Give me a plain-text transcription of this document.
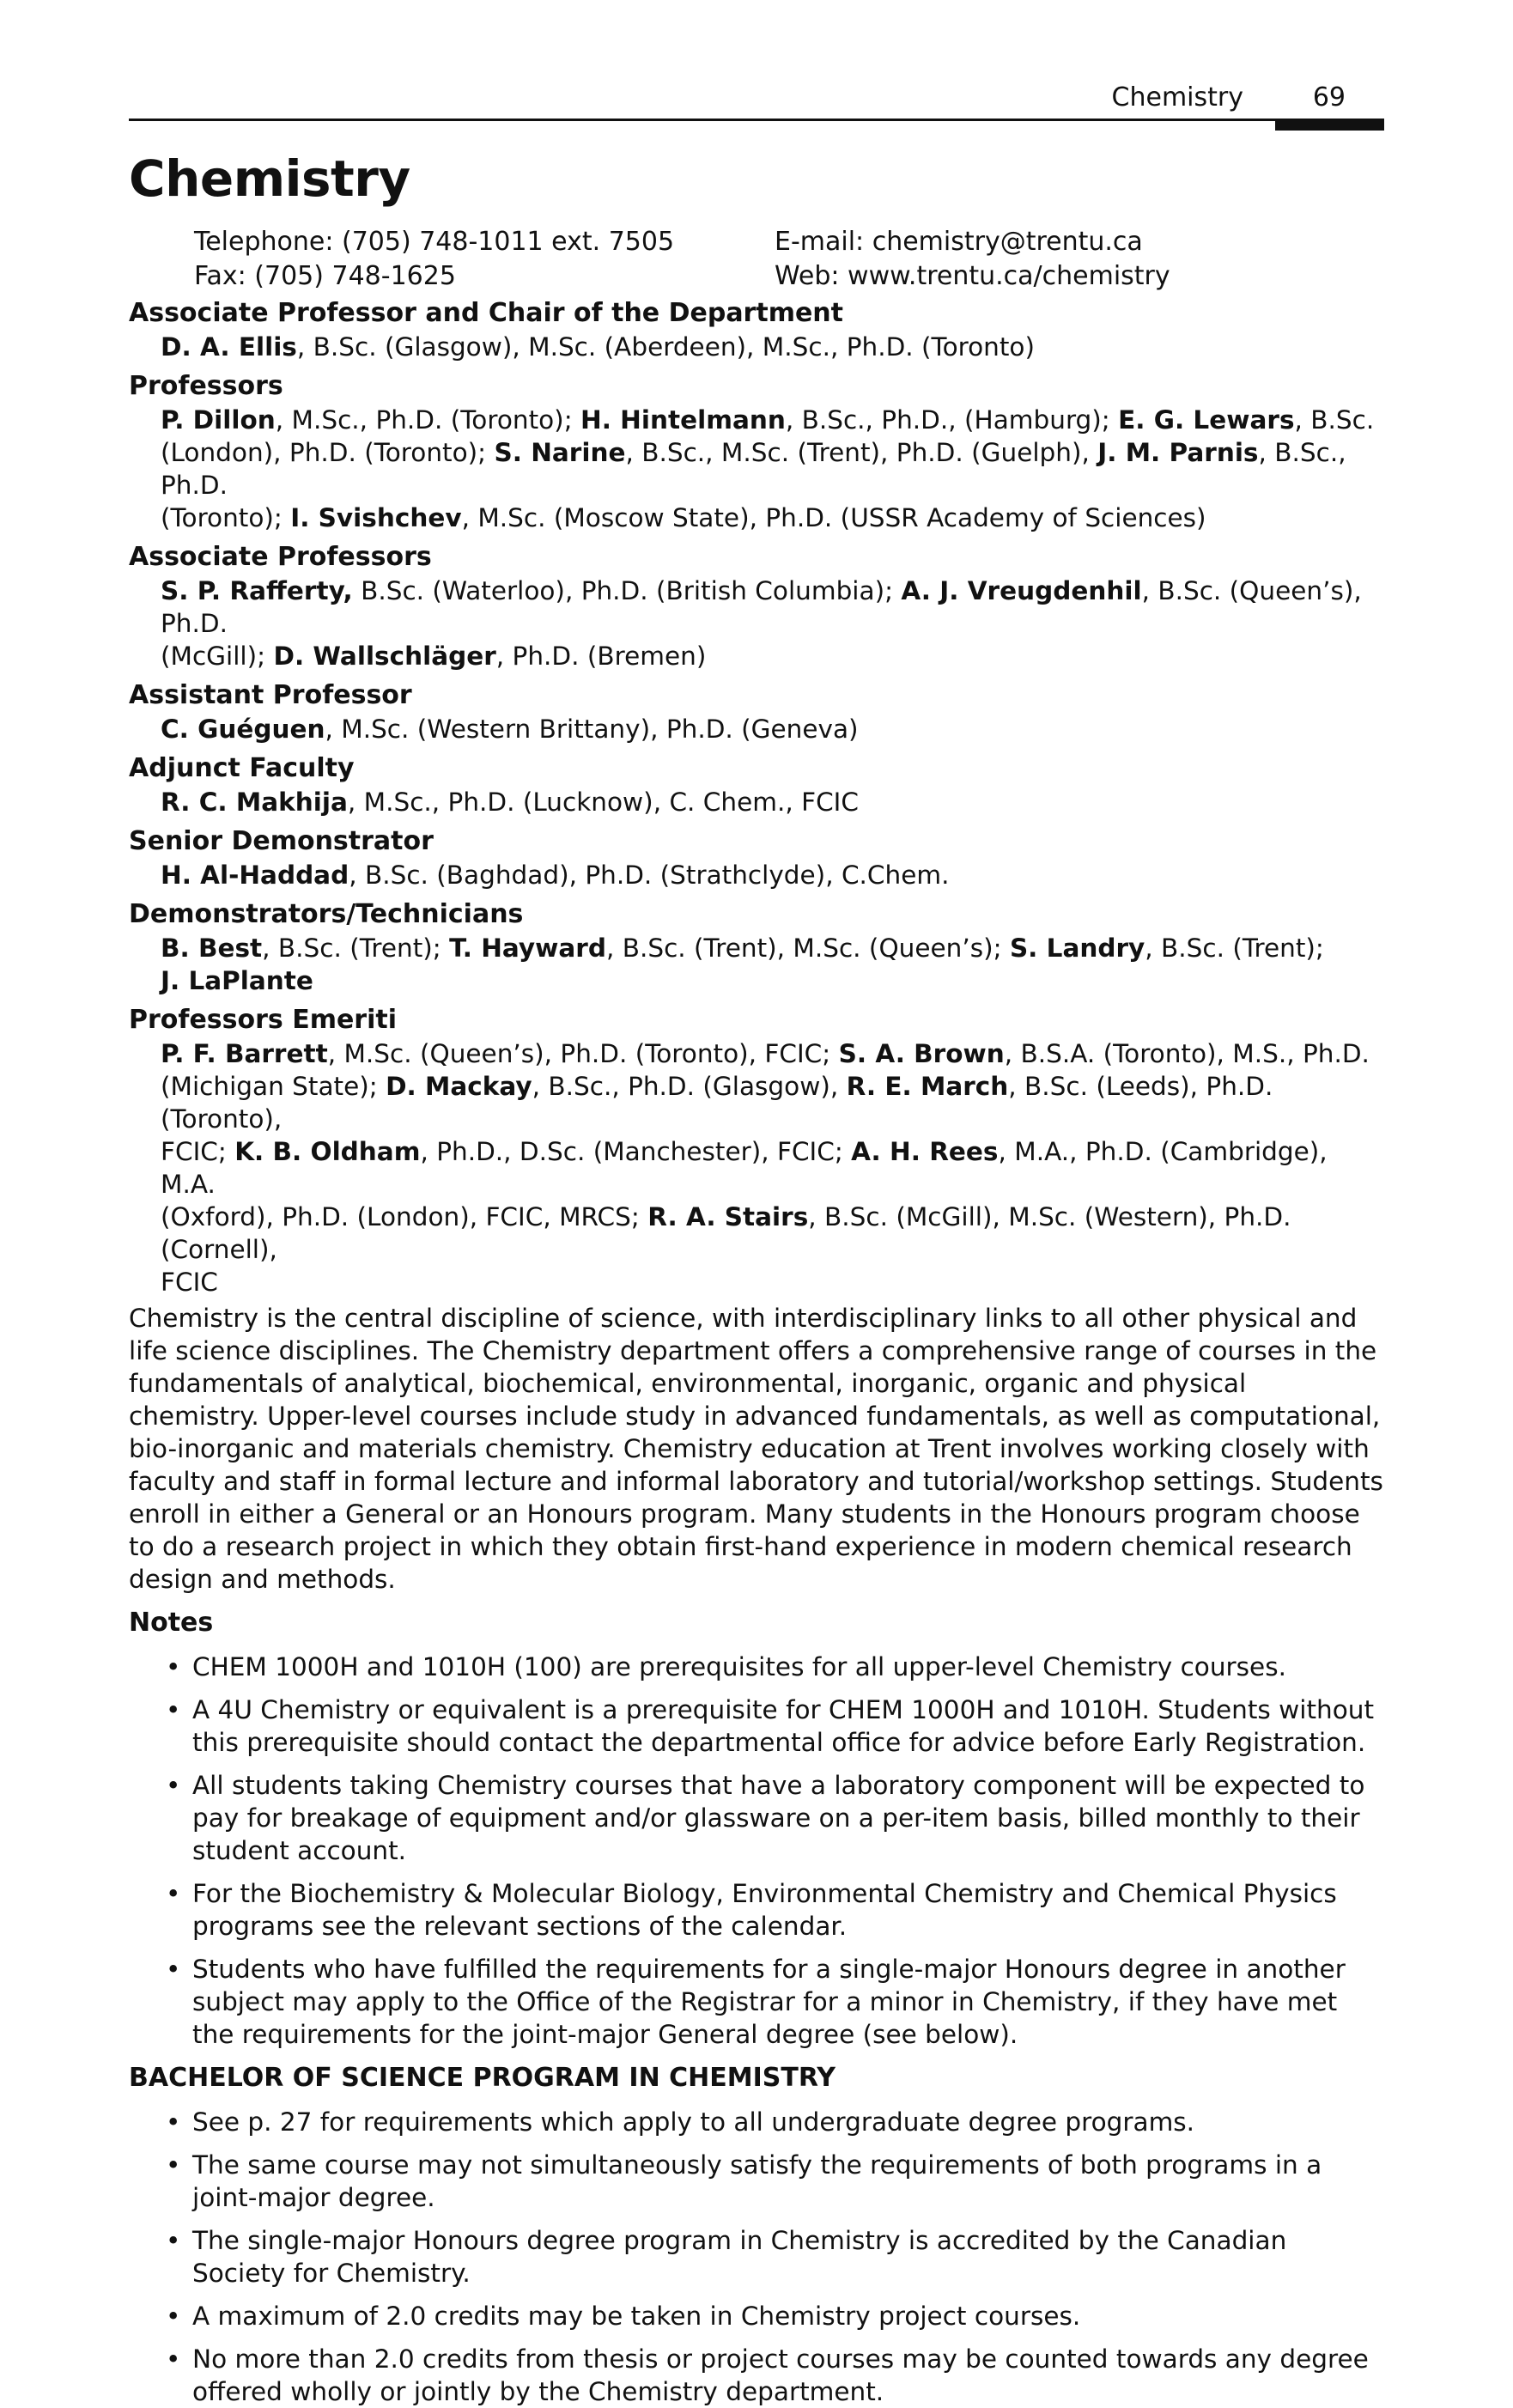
Chemistry	69
Chemistry
Telephone: (705) 748-1011 ext. 7505
Fax: (705) 748-1625
E-mail: chemistry@trentu.ca
Web: www.trentu.ca/chemistry
Associate Professor and Chair of the Department

D. A. Ellis, B.Sc. (Glasgow), M.Sc. (Aberdeen), M.Sc., Ph.D. (Toronto)

Professors

P. Dillon, M.Sc., Ph.D. (Toronto); H. Hintelmann, B.Sc., Ph.D., (Hamburg); E. G. Lewars, B.Sc.

(London), Ph.D. (Toronto); S. Narine, B.Sc., M.Sc. (Trent), Ph.D. (Guelph), J. M. Parnis, B.Sc., Ph.D.

(Toronto); I. Svishchev, M.Sc. (Moscow State), Ph.D. (USSR Academy of Sciences)

Associate Professors

S. P. Rafferty, B.Sc. (Waterloo), Ph.D. (British Columbia); A. J. Vreugdenhil, B.Sc. (Queen’s), Ph.D.

(McGill); D. Wallschläger, Ph.D. (Bremen)

Assistant Professor

C. Guéguen, M.Sc. (Western Brittany), Ph.D. (Geneva)

Adjunct Faculty

R. C. Makhija, M.Sc., Ph.D. (Lucknow), C. Chem., FCIC

Senior Demonstrator

H. Al-Haddad, B.Sc. (Baghdad), Ph.D. (Strathclyde), C.Chem.

Demonstrators/Technicians

B. Best, B.Sc. (Trent); T. Hayward, B.Sc. (Trent), M.Sc. (Queen’s); S. Landry, B.Sc. (Trent);

J. LaPlante

Professors Emeriti

P. F. Barrett, M.Sc. (Queen’s), Ph.D. (Toronto), FCIC; S. A. Brown, B.S.A. (Toronto), M.S., Ph.D.

(Michigan State); D. Mackay, B.Sc., Ph.D. (Glasgow), R. E. March, B.Sc. (Leeds), Ph.D. (Toronto),

FCIC; K. B. Oldham, Ph.D., D.Sc. (Manchester), FCIC; A. H. Rees, M.A., Ph.D. (Cambridge), M.A.

(Oxford), Ph.D. (London), FCIC, MRCS; R. A. Stairs, B.Sc. (McGill), M.Sc. (Western), Ph.D. (Cornell),

FCIC

Chemistry is the central discipline of science, with interdisciplinary links to all other physical and life science disciplines. The Chemistry department offers a comprehensive range of courses in the fundamentals of analytical, biochemical, environmental, inorganic, organic and physical chemistry. Upper-level courses include study in advanced fundamentals, as well as computational, bio-inorganic and materials chemistry. Chemistry education at Trent involves working closely with faculty and staff in formal lecture and informal laboratory and tutorial/workshop settings. Students enroll in either a General or an Honours program. Many students in the Honours program choose to do a research project in which they obtain first-hand experience in modern chemical research design and methods.

Notes
• CHEM 1000H and 1010H (100) are prerequisites for all upper-level Chemistry courses.
• A 4U Chemistry or equivalent is a prerequisite for CHEM 1000H and 1010H. Students without this prerequisite should contact the departmental office for advice before Early Registration.
• All students taking Chemistry courses that have a laboratory component will be expected to pay for breakage of equipment and/or glassware on a per-item basis, billed monthly to their student account.
• For the Biochemistry & Molecular Biology, Environmental Chemistry and Chemical Physics programs see the relevant sections of the calendar.
• Students who have fulfilled the requirements for a single-major Honours degree in another subject may apply to the Office of the Registrar for a minor in Chemistry, if they have met the requirements for the joint-major General degree (see below).
BACHELOR OF SCIENCE PROGRAM IN CHEMISTRY
• See p. 27 for requirements which apply to all undergraduate degree programs.
• The same course may not simultaneously satisfy the requirements of both programs in a joint-major degree.
• The single-major Honours degree program in Chemistry is accredited by the Canadian Society for Chemistry.
• A maximum of 2.0 credits may be taken in Chemistry project courses.
• No more than 2.0 credits from thesis or project courses may be counted towards any degree offered wholly or jointly by the Chemistry department.
